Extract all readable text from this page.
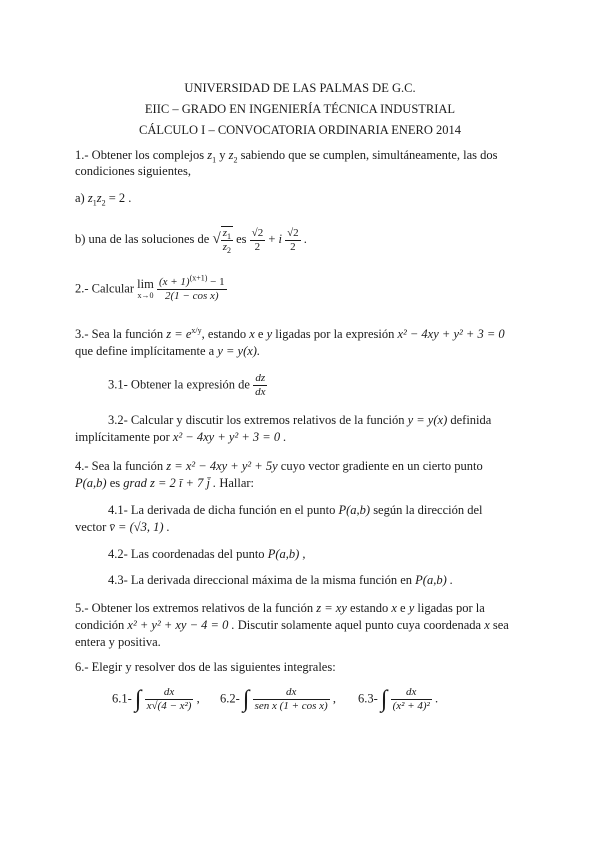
UNIVERSIDAD DE LAS PALMAS DE G.C.
EIIC – GRADO EN INGENIERÍA TÉCNICA INDUSTRIAL
CÁLCULO I – CONVOCATORIA ORDINARIA ENERO 2014
1.- Obtener los complejos $z_1$ y $z_2$ sabiendo que se cumplen, simultáneamente, las dos
condiciones siguientes,
a) $z_1z_2 = 2$ .
b) una de las soluciones de √ $\frac{z_1}{z_2}$ es $\frac{√2}{2} + i \frac{√2}{2}$ .
2.- Calcular lim
x→0
$\frac{(x + 1)^{(x+1)} - 1}{\text{2(1 − cos x)}}$
3.- Sea la función $z = e^{x/y}$, estando x e y ligadas por la expresión x² − 4xy + y² + 3 = 0
que define implícitamente a y = y(x).
3.1- Obtener la expresión de $\frac{dz}{dx}$
3.2- Calcular y discutir los extremos relativos de la función y = y(x) definida
implícitamente por x² − 4xy + y² + 3 = 0 .
4.- Sea la función z = x² − 4xy + y² + 5y cuyo vector gradiente en un cierto punto
P(a,b) es grad z = 2 ī + 7 j̄ . Hallar:
4.1- La derivada de dicha función en el punto P(a,b) según la dirección del
vector v̄ = (√3, 1) .
4.2- Las coordenadas del punto P(a,b) ,
4.3- La derivada direccional máxima de la misma función en P(a,b) .
5.- Obtener los extremos relativos de la función z = xy estando x e y ligadas por la
condición x² + y² + xy − 4 = 0 . Discutir solamente aquel punto cuya coordenada x sea
entera y positiva.
6.- Elegir y resolver dos de las siguientes integrales:
6.1- ∫ $\frac{dx}{\text{x√(4 − x²)}}$ , 6.2- ∫ $\frac{dx}{\text{sen x (1 + cos x)}}$ , 6.3- ∫ $\frac{dx}{\text{(x² + 4)²}}$ .
